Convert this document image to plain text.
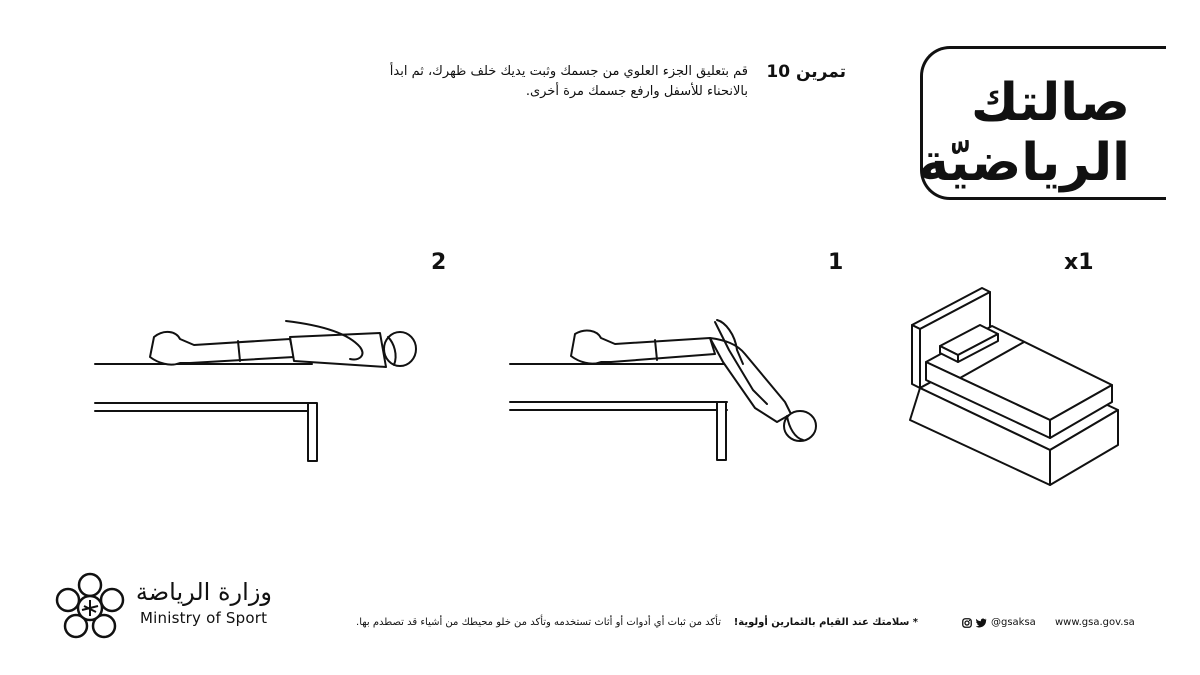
صالتك
الرياضيّة
تمرين 10
قم بتعليق الجزء العلوي من جسمك وثبت يديك خلف ظهرك، ثم ابدأ بالانحناء للأسفل وارفع جسمك مرة أخرى.
x1
1
2
وزارة الرياضة
Ministry of Sport	* سلامتك عند القيام بالتمارين أولوية!    تأكد من ثبات أي أدوات أو أثاث تستخدمه وتأكد من خلو محيطك من أشياء قد تصطدم بها.	@gsaksa www.gsa.gov.sa
